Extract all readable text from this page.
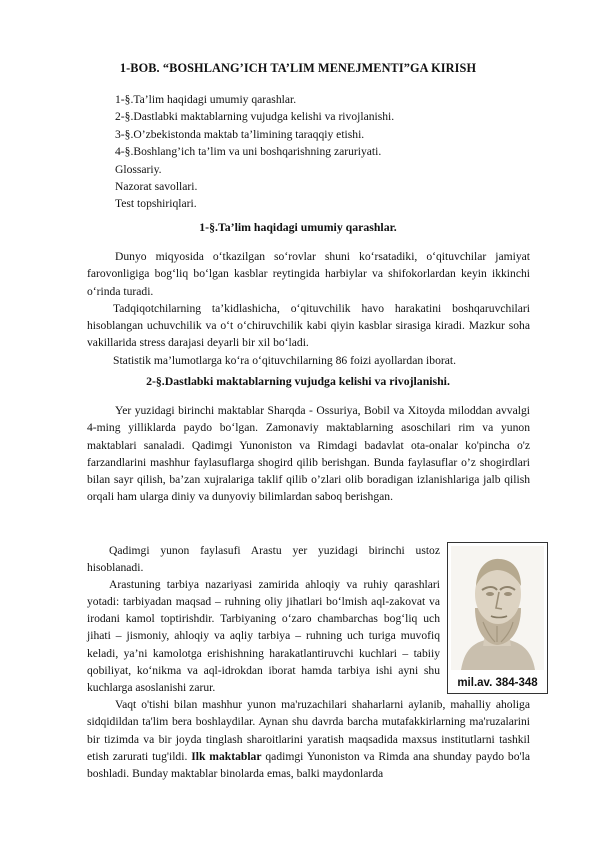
1-BOB. “BOSHLANG’ICH TA’LIM MENEJMENTI”GA KIRISH
1-§.Ta’lim haqidagi umumiy qarashlar.
2-§.Dastlabki maktablarning vujudga kelishi va rivojlanishi.
3-§.O’zbekistonda maktab ta’limining taraqqiy etishi.
4-§.Boshlang’ich ta’lim va uni boshqarishning zaruriyati.
Glossariy.
Nazorat savollari.
Test topshiriqlari.
1-§.Ta’lim haqidagi umumiy qarashlar.

Dunyo miqyosida o‘tkazilgan so‘rovlar shuni ko‘rsatadiki, o‘qituvchilar jamiyat farovonligiga bog‘liq bo‘lgan kasblar reytingida harbiylar va shifokorlardan keyin ikkinchi o‘rinda turadi.

Tadqiqotchilarning ta’kidlashicha, o‘qituvchilik havo harakatini boshqaruvchilari hisoblangan uchuvchilik va o‘t o‘chiruvchilik kabi qiyin kasblar sirasiga kiradi. Mazkur soha vakillarida stress darajasi deyarli bir xil bo‘ladi.

Statistik ma’lumotlarga ko‘ra o‘qituvchilarning 86 foizi ayollardan iborat.

2-§.Dastlabki maktablarning vujudga kelishi va rivojlanishi.

Yer yuzidagi birinchi maktablar Sharqda - Ossuriya, Bobil va Xitoyda miloddan avvalgi 4-ming yilliklarda paydo bo‘lgan. Zamonaviy maktablarning asoschilari rim va yunon maktablari sanaladi. Qadimgi Yunoniston va Rimdagi badavlat ota-onalar ko'pincha o'z farzandlarini mashhur faylasuflarga shogird qilib berishgan. Bunda faylasuflar o’z shogirdlari bilan sayr qilish, ba’zan xujralariga taklif qilib o’zlari olib boradigan izlanishlariga jalb qilish orqali ham ularga diniy va dunyoviy bilimlardan saboq berishgan.

Qadimgi yunon faylasufi Arastu yer yuzidagi birinchi ustoz hisoblanadi.

Arastuning tarbiya nazariyasi zamirida ahloqiy va ruhiy qarashlari yotadi: tarbiyadan maqsad – ruhning oliy jihatlari bo‘lmish aql-zakovat va irodani kamol toptirishdir. Tarbiyaning o‘zaro chambarchas bog‘liq uch jihati – jismoniy, ahloqiy va aqliy tarbiya – ruhning uch turiga muvofiq keladi, ya’ni kamolotga erishishning harakatlantiruvchi kuchlari – tabiiy qobiliyat, ko‘nikma va aql-idrokdan iborat hamda tarbiya ishi ayni shu kuchlarga asoslanishi zarur.	mil.av. 384-348

Vaqt o'tishi bilan mashhur yunon ma'ruzachilari shaharlarni aylanib, mahalliy aholiga sidqidildan ta'lim bera boshlaydilar. Aynan shu davrda barcha mutafakkirlarning ma'ruzalarini bir tizimda va bir joyda tinglash sharoitlarini yaratish maqsadida maxsus institutlarni tashkil etish zarurati tug'ildi. Ilk maktablar qadimgi Yunoniston va Rimda ana shunday paydo bo'la boshladi. Bunday maktablar binolarda emas, balki maydonlarda
